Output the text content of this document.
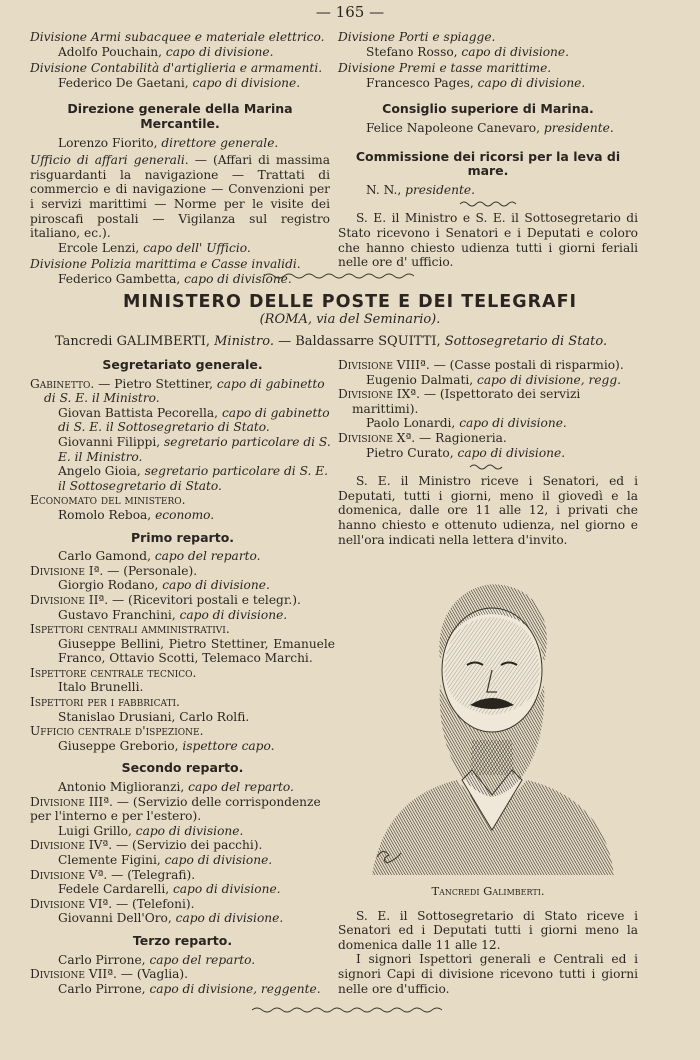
— 165 —
Divisione Armi subacquee e materiale elettrico.
Adolfo Pouchain, capo di divisione.
Divisione Contabilità d'artiglieria e armamenti.
Federico De Gaetani, capo di divisione.
Direzione generale della Marina Mercantile.
Lorenzo Fiorito, direttore generale.
Ufficio di affari generali. — (Affari di massima risguardanti la navigazione — Trattati di commercio e di navigazione — Convenzioni per i servizi marittimi — Norme per le visite dei piroscafi postali — Vigilanza sul registro italiano, ec.).
Ercole Lenzi, capo dell' Ufficio.
Divisione Polizia marittima e Casse invalidi.
Federico Gambetta, capo di divisione.
Divisione Porti e spiagge.
Stefano Rosso, capo di divisione.
Divisione Premi e tasse marittime.
Francesco Pages, capo di divisione.
Consiglio superiore di Marina.
Felice Napoleone Canevaro, presidente.
Commissione dei ricorsi per la leva di mare.
N. N., presidente.
S. E. il Ministro e S. E. il Sottosegretario di Stato ricevono i Senatori e i Deputati e coloro che hanno chiesto udienza tutti i giorni feriali nelle ore d' ufficio.
MINISTERO DELLE POSTE E DEI TELEGRAFI
(ROMA, via del Seminario).
Tancredi GALIMBERTI, Ministro. — Baldassarre SQUITTI, Sottosegretario di Stato.
Segretariato generale.
Gabinetto. — Pietro Stettiner, capo di gabinetto di S. E. il Ministro.
Giovan Battista Pecorella, capo di gabinetto di S. E. il Sottosegretario di Stato.
Giovanni Filippi, segretario particolare di S. E. il Ministro.
Angelo Gioia, segretario particolare di S. E. il Sottosegretario di Stato.
Economato del ministero.
Romolo Reboa, economo.
Primo reparto.
Carlo Gamond, capo del reparto.
Divisione Iª. — (Personale).
Giorgio Rodano, capo di divisione.
Divisione IIª. — (Ricevitori postali e telegr.).
Gustavo Franchini, capo di divisione.
Ispettori centrali amministrativi.
Giuseppe Bellini, Pietro Stettiner, Emanuele Franco, Ottavio Scotti, Telemaco Marchi.
Ispettore centrale tecnico.
Italo Brunelli.
Ispettori per i fabbricati.
Stanislao Drusiani, Carlo Rolfi.
Ufficio centrale d'ispezione.
Giuseppe Greborio, ispettore capo.
Secondo reparto.
Antonio Miglioranzi, capo del reparto.
Divisione IIIª. — (Servizio delle corrispondenze per l'interno e per l'estero).
Luigi Grillo, capo di divisione.
Divisione IVª. — (Servizio dei pacchi).
Clemente Figini, capo di divisione.
Divisione Vª. — (Telegrafi).
Fedele Cardarelli, capo di divisione.
Divisione VIª. — (Telefoni).
Giovanni Dell'Oro, capo di divisione.
Terzo reparto.
Carlo Pirrone, capo del reparto.
Divisione VIIª. — (Vaglia).
Carlo Pirrone, capo di divisione, reggente.
Divisione VIIIª. — (Casse postali di risparmio).
Eugenio Dalmati, capo di divisione, regg.
Divisione IXª. — (Ispettorato dei servizi marittimi).
Paolo Lonardi, capo di divisione.
Divisione Xª. — Ragioneria.
Pietro Curato, capo di divisione.
S. E. il Ministro riceve i Senatori, ed i Deputati, tutti i giorni, meno il giovedì e la domenica, dalle ore 11 alle 12, i privati che hanno chiesto e ottenuto udienza, nel giorno e nell'ora indicati nella lettera d'invito.
Tancredi Galimberti.
S. E. il Sottosegretario di Stato riceve i Senatori ed i Deputati tutti i giorni meno la domenica dalle 11 alle 12.
I signori Ispettori generali e Centrali ed i signori Capi di divisione ricevono tutti i giorni nelle ore d'ufficio.
